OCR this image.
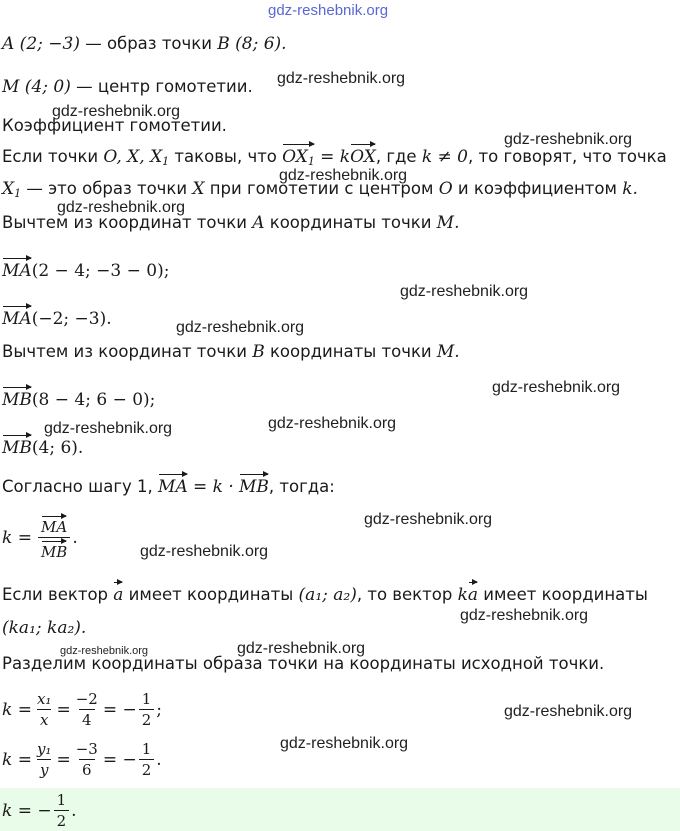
gdz-reshebnik.org
A (2; −3) — образ точки B (8; 6).
M (4; 0) — центр гомотетии. gdz-reshebnik.org
gdz-reshebnik.org
Коэффициент гомотетии.
gdz-reshebnik.org
Если точки O, X, $X_1$ таковы, что $OX_1$ = kOX, где k ≠ 0, то говорят, что точка
gdz-reshebnik.org
$X_1$ — это образ точки X при гомотетии с центром O и коэффициентом k.
gdz-reshebnik.org
Вычтем из координат точки A координаты точки M.
MA(2 − 4; −3 − 0);
gdz-reshebnik.org
MA(−2; −3).	gdz-reshebnik.org
Вычтем из координат точки B координаты точки M.
gdz-reshebnik.org
MB(8 − 4; 6 − 0);
gdz-reshebnik.org	gdz-reshebnik.org
MB(4; 6).
Согласно шагу 1, MA = k · MB, тогда:
gdz-reshebnik.org
$k = \frac{MA}{MB}$ .
gdz-reshebnik.org
Если вектор a имеет координаты (a₁; a₂), то вектор ka имеет координаты
gdz-reshebnik.org
(ka₁; ka₂).
gdz-reshebnik.org	gdz-reshebnik.org
Разделим координаты образа точки на координаты исходной точки.
$k = \frac{\text{x₁}}{x} = \frac{-2}{4}$ = − $\frac{1}{2}$ ;	gdz-reshebnik.org
$k = \frac{\text{y₁}}{y} = \frac{-3}{6}$ = − $\frac{1}{2}$ .
gdz-reshebnik.org
k = − $\frac{1}{2}$ .
